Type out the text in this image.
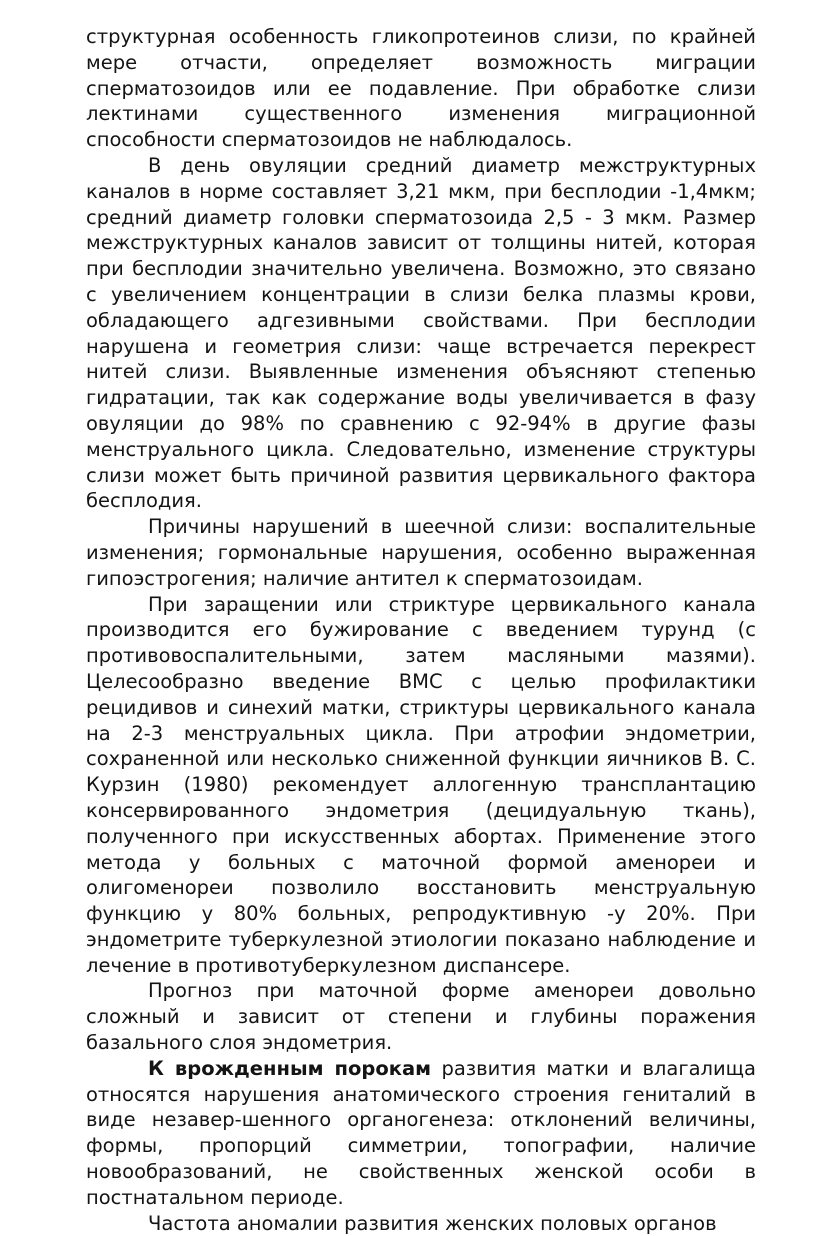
структурная особенность гликопротеинов слизи, по крайней мере отчасти, определяет возможность миграции сперматозоидов или ее подавление. При обработке слизи лектинами существенного изменения миграционной способности сперматозоидов не наблюдалось.

В день овуляции средний диаметр межструктурных каналов в норме составляет 3,21 мкм, при бесплодии -1,4мкм; средний диаметр головки сперматозоида 2,5 - 3 мкм. Размер межструктурных каналов зависит от толщины нитей, которая при бесплодии значительно увеличена. Возможно, это связано с увеличением концентрации в слизи белка плазмы крови, обладающего адгезивными свойствами. При бесплодии нарушена и геометрия слизи: чаще встречается перекрест нитей слизи. Выявленные изменения объясняют степенью гидратации, так как содержание воды увеличивается в фазу овуляции до 98% по сравнению с 92-94% в другие фазы менструального цикла. Следовательно, изменение структуры слизи может быть причиной развития цервикального фактора бесплодия.

Причины нарушений в шеечной слизи: воспалительные изменения; гормональные нарушения, особенно выраженная гипоэстрогения; наличие антител к сперматозоидам.

При заращении или стриктуре цервикального канала производится его бужирование с введением турунд (с противовоспалительными, затем масляными мазями). Целесообразно введение ВМС с целью профилактики рецидивов и синехий матки, стриктуры цервикального канала на 2-3 менструальных цикла. При атрофии эндометрии, сохраненной или несколько сниженной функции яичников В. С. Курзин (1980) рекомендует аллогенную трансплантацию консервированного эндометрия (децидуальную ткань), полученного при искусственных абортах. Применение этого метода у больных с маточной формой аменореи и олигоменореи позволило восстановить менструальную функцию у 80% больных, репродуктивную -у 20%. При эндометрите туберкулезной этиологии показано наблюдение и лечение в противотуберкулезном диспансере.

Прогноз при маточной форме аменореи довольно сложный и зависит от степени и глубины поражения базального слоя эндометрия.

К врожденным порокам развития матки и влагалища относятся нарушения анатомического строения гениталий в виде незавер-шенного органогенеза: отклонений величины, формы, пропорций симметрии, топографии, наличие новообразований, не свойственных женской особи в постнатальном периоде.

Частота аномалии развития женских половых органов
